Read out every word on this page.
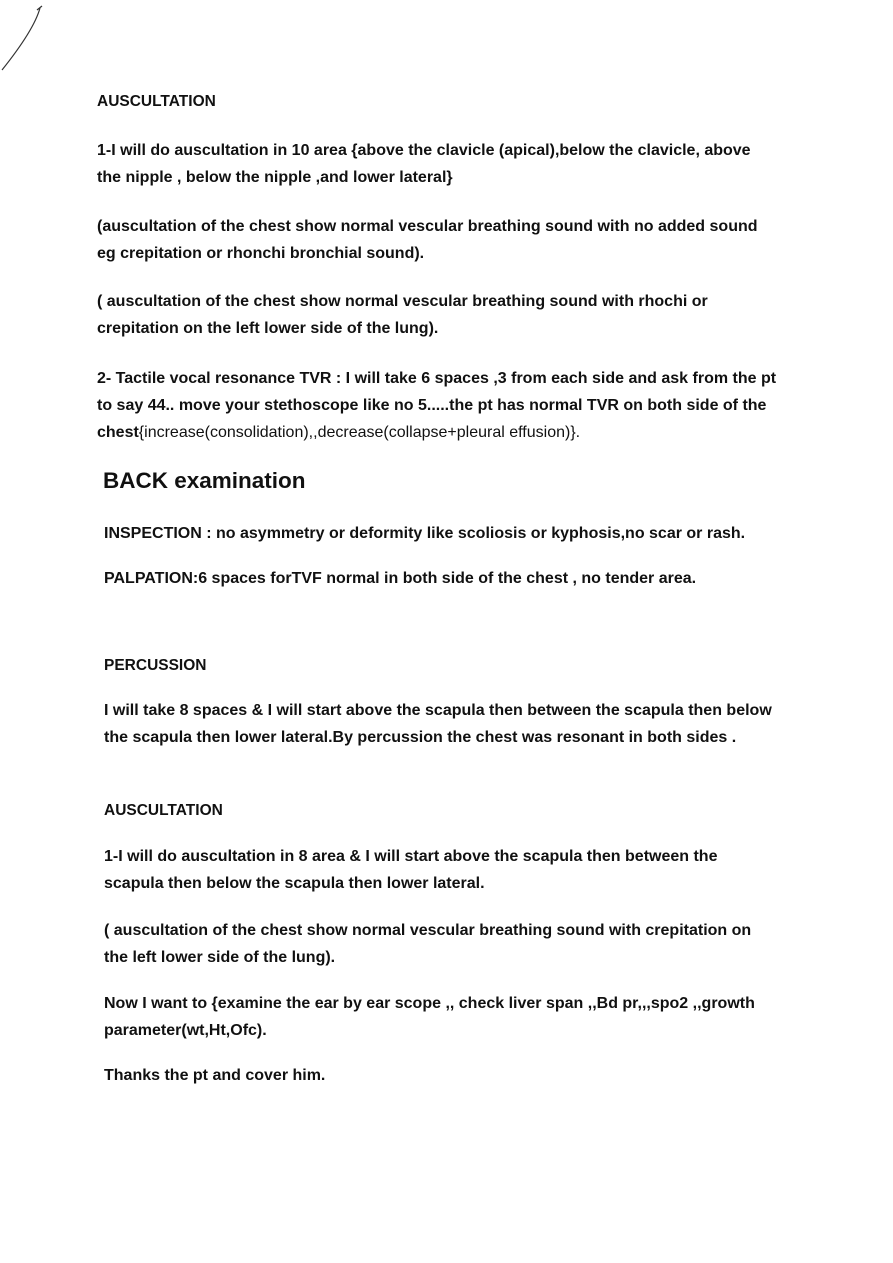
AUSCULTATION

1-I will do auscultation in 10 area {above the clavicle (apical),below the clavicle, above the nipple , below the nipple ,and lower lateral}

(auscultation of the chest show normal vescular breathing sound with no added sound eg crepitation or rhonchi bronchial sound).

( auscultation of the chest show normal vescular breathing sound with rhochi or crepitation on the left lower side of the lung).

2- Tactile vocal resonance TVR : I will take 6 spaces ,3 from each side and ask from the pt to say 44.. move your stethoscope like no 5.....the pt has normal TVR on both side of the chest{increase(consolidation),,decrease(collapse+pleural effusion)}.

BACK examination

INSPECTION : no asymmetry or deformity like scoliosis or kyphosis,no scar or rash.

PALPATION:6 spaces forTVF normal in both side of the chest , no tender area.

PERCUSSION

I will take 8 spaces & I will start above the scapula then between the scapula then below the scapula then lower lateral.By percussion the chest was resonant in both sides .

AUSCULTATION

1-I will do auscultation in 8 area & I will start above the scapula then between the scapula then below the scapula then lower lateral.

( auscultation of the chest show normal vescular breathing sound with crepitation on the left lower side of the lung).

Now I want to {examine the ear by ear scope ,, check liver span ,,Bd pr,,,spo2 ,,growth parameter(wt,Ht,Ofc).

Thanks the pt and cover him.
